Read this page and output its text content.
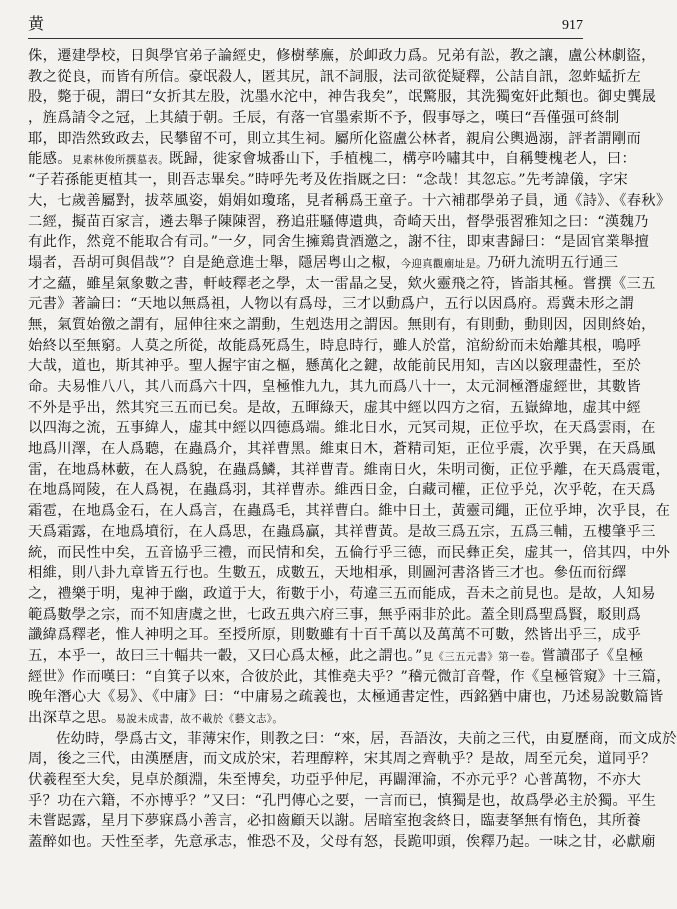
黄	917
侏，遷建學校，日與學官弟子論經史，修樹孳廡，於卹政力爲。兄弟有訟，教之讓，盧公林劇盜，
教之從良，而皆有所信。豪氓殺人，匿其尻，訊不詞服，法司欲從疑釋，公詰自訊，忽蚱蜢折左
股，斃于硯，謂曰“女折其左股，沈墨水沱中，神告我矣”，氓驚服，其洗獨寃奸此類也。御史龔晟
，旌爲請令之冠，上其績于朝。壬辰，有落一官墨索斯不予，假事辱之，嘆曰“吾僅强可終制
耶，即浩然致政去，民攀留不可，則立其生祠。屬所化盜盧公林者，親肩公輿過溺，評者謂剛而
能感。見素林俊所撰墓表。既歸，徙家會城番山下，手植槐二，構亭吟嘯其中，自稱雙槐老人，曰：
“子若孫能更植其一，則吾志畢矣。”時呼先考及佐指厩之曰：“念哉！其忽忘。”先考諱儀，字宋
大，七歲善屬對，拔萃風姿，娟娟如瓊瑤，見者稱爲王童子。十六補郡學弟子員，通《詩》、《春秋》
二經，擬苗百家言，遴去舉子陳陳習，務追莊騷傳遺典，奇崎天出，督學張習雅知之曰：“漢魏乃
有此作，然竟不能取合有司。”一夕，同舍生擁鶏貴酒邀之，謝不往，即束書歸曰：“是固官業舉擅
塌者，吾胡可與倡哉”？自是絶意進士舉，隱居粤山之椒，今迎真觀廟址是。乃研九流明五行通三
才之蘊，雖星氣象數之書，軒岐釋老之學，太一雷晶之旻，欸火靈飛之符，皆詣其極。嘗撰《三五
元書》著論曰：“天地以無爲祖，人物以有爲母，三才以動爲户，五行以因爲府。焉冀未形之謂
無，氣質始徼之謂有，屈伸往來之謂動，生剋迭用之謂因。無則有，有則動，動則因，因則終始，
始終以至無窮。人莫之所從，故能爲死爲生，時息時行，雖人於當，涫紛紛而未始離其根，鳴呼
大哉，道也，斯其神乎。聖人握宇宙之樞，懸萬化之鍵，故能前民用知，吉凶以竅理盡性，至於
命。夫易惟八八，其八而爲六十四，皇極惟九九，其九而爲八十一，太元洞極潛虚經世，其數皆
不外是乎出，然其究三五而已矣。是故，五暉綠天，虚其中經以四方之宿，五嶽緯地，虚其中經
以四海之流，五事緯人，虚其中經以四德爲端。維北日水，元冥司規，正位乎坎，在天爲雲雨，在
地爲川澤，在人爲聽，在蟲爲介，其祥曹黑。維東日木，蒼精司矩，正位乎震，次乎巽，在天爲風
雷，在地爲林藪，在人爲貌，在蟲爲鱗，其祥曹青。維南日火，朱明司衡，正位乎離，在天爲震電，
在地爲岡陵，在人爲視，在蟲爲羽，其祥曹赤。維西日金，白藏司權，正位乎兑，次乎乾，在天爲
霜雹，在地爲金石，在人爲言，在蟲爲毛，其祥曹白。維中日土，黃靈司繩，正位乎坤，次乎艮，在
天爲霜露，在地爲墳衍，在人爲思，在蟲爲贏，其祥曹黃。是故三爲五宗，五爲三輔，五樓肇乎三
統，而民性中矣，五音協乎三禮，而民情和矣，五倫行乎三德，而民彝正矣，虚其一，倍其四，中外
相維，則八卦九章皆五行也。生數五，成數五，天地相承，則圖河書洛皆三才也。參伍而衍繹
之，禮樂于明，鬼神于幽，政道于大，衔數于小，苟違三五而能成，吾未之前見也。是故，人知易
範爲數學之宗，而不知唐虞之世，七政五典六府三事，無乎兩非於此。蓋全則爲聖爲賢，駁則爲
讖緯爲釋老，惟人神明之耳。至授所原，則數雖有十百千萬以及萬萬不可數，然皆出乎三，成乎
五，本乎一，故曰三十輻共一轂，又曰心爲太極，此之謂也。”見《三五元書》第一卷。嘗讀邵子《皇極
經世》作而嘆曰：“自箕子以來，合彼於此，其惟堯夫乎？”稽元微訂音聲，作《皇極管窺》十三篇，
晚年潛心大《易》、《中庸》曰：“中庸易之疏義也，太極通書定性，西銘猶中庸也，乃述易說數篇皆
出深草之思。易說未成書，故不載於《藝文志》。
佐幼時，學爲古文，菲薄宋作，則教之曰：“來，居，吾語汝，夫前之三代，由夏歷商，而文成於
周，後之三代，由漢歷唐，而文成於宋，若理醇粹，宋其周之齊軌乎？是故，周至元矣，道同乎？
伏羲程至大矣，見卓於顏淵，朱至博矣，功亞乎仲尼，再闢渾淪，不亦元乎？心普萬物，不亦大
乎？功在六籍，不亦博乎？”又曰：“孔門傳心之要，一言而已，慎獨是也，故爲學必主於獨。平生
未嘗跽露，星月下夢寐爲小善言，必扣齒顧天以謝。居暗室抱衾終日，臨妻拏無有惰色，其所養
蓋醉如也。天性至孝，先意承志，惟恐不及，父母有怒，長跪叩頭，俟釋乃起。一味之甘，必獻廟
